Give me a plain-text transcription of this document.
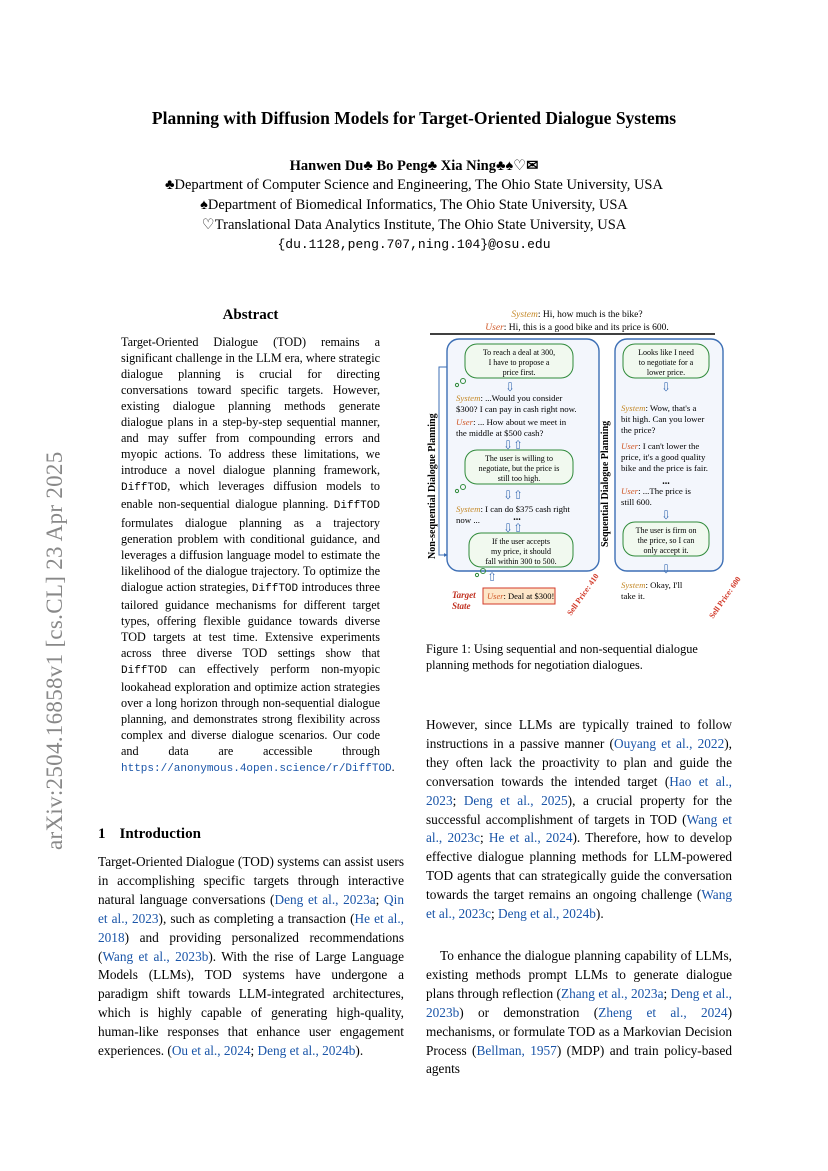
Planning with Diffusion Models for Target-Oriented Dialogue Systems
Hanwen Du♣ Bo Peng♣ Xia Ning♣♠♡✉
♣Department of Computer Science and Engineering, The Ohio State University, USA
♠Department of Biomedical Informatics, The Ohio State University, USA
♡Translational Data Analytics Institute, The Ohio State University, USA
{du.1128,peng.707,ning.104}@osu.edu
arXiv:2504.16858v1 [cs.CL] 23 Apr 2025
Abstract
Target-Oriented Dialogue (TOD) remains a significant challenge in the LLM era, where strategic dialogue planning is crucial for directing conversations toward specific targets. However, existing dialogue planning methods generate dialogue plans in a step-by-step sequential manner, and may suffer from compounding errors and myopic actions. To address these limitations, we introduce a novel dialogue planning framework, DiffTOD, which leverages diffusion models to enable non-sequential dialogue planning. DiffTOD formulates dialogue planning as a trajectory generation problem with conditional guidance, and leverages a diffusion language model to estimate the likelihood of the dialogue trajectory. To optimize the dialogue action strategies, DiffTOD introduces three tailored guidance mechanisms for different target types, offering flexible guidance towards diverse TOD targets at test time. Extensive experiments across three diverse TOD settings show that DiffTOD can effectively perform non-myopic lookahead exploration and optimize action strategies over a long horizon through non-sequential dialogue planning, and demonstrates strong flexibility across complex and diverse dialogue scenarios. Our code and data are accessible through https://anonymous.4open.science/r/DiffTOD.
1 Introduction
Target-Oriented Dialogue (TOD) systems can assist users in accomplishing specific targets through interactive natural language conversations (Deng et al., 2023a; Qin et al., 2023), such as completing a transaction (He et al., 2018) and providing personalized recommendations (Wang et al., 2023b). With the rise of Large Language Models (LLMs), TOD systems have undergone a paradigm shift towards LLM-integrated architectures, which is highly capable of generating high-quality, human-like responses that enhance user engagement experiences. (Ou et al., 2024; Deng et al., 2024b).
However, since LLMs are typically trained to follow instructions in a passive manner (Ouyang et al., 2022), they often lack the proactivity to plan and guide the conversation towards the intended target (Hao et al., 2023; Deng et al., 2025), a crucial property for the successful accomplishment of targets in TOD (Wang et al., 2023c; He et al., 2024). Therefore, how to develop effective dialogue planning methods for LLM-powered TOD agents that can strategically guide the conversation towards the target remains an ongoing challenge (Wang et al., 2023c; Deng et al., 2024b).
To enhance the dialogue planning capability of LLMs, existing methods prompt LLMs to generate dialogue plans through reflection (Zhang et al., 2023a; Deng et al., 2023b) or demonstration (Zheng et al., 2024) mechanisms, or formulate TOD as a Markovian Decision Process (Bellman, 1957) (MDP) and train policy-based agents
System: Hi, how much is the bike?
User: Hi, this is a good bike and its price is 600.
Non-sequential Dialogue Planning	Sequential Dialogue Planning
To reach a deal at 300, I have to propose a price first.
The user is willing to negotiate, but the price is still too high.
If the user accepts my price, it should fall within 300 to 500.
System: ...Would you consider $300? I can pay in cash right now.
User: ... How about we meet in the middle at $500 cash?
System: I can do $375 cash right now ...	...
⇩
⇩⇧
⇩⇧
⇩⇧
⇧
Target State
User: Deal at $300! Sell Price: 410
Looks like I need to negotiate for a lower price.
The user is firm on the price, so I can only accept it.
System: Wow, that's a bit high. Can you lower the price?
User: I can't lower the price, it's a good quality bike and the price is fair.
...
User: ...The price is still 600.
System: Okay, I'll take it.	Sell Price: 600
⇩
⇩
⇩
Figure 1: Using sequential and non-sequential dialogue planning methods for negotiation dialogues.
